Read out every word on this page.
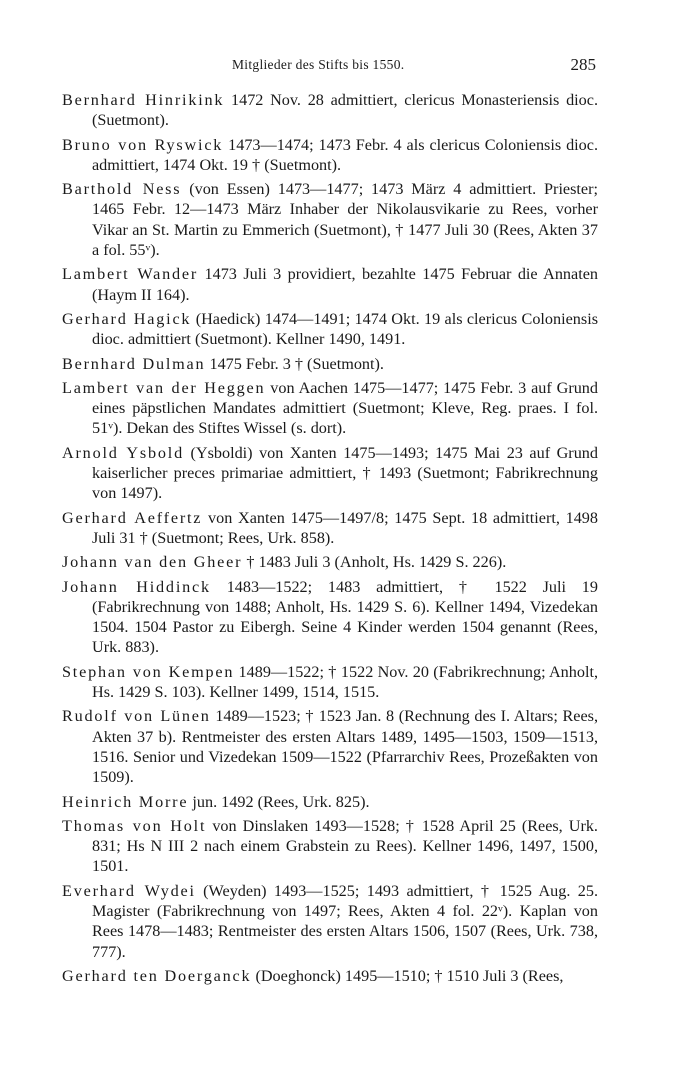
Mitglieder des Stifts bis 1550.	285

Bernhard Hinrikink 1472 Nov. 28 admittiert, clericus Monasteriensis dioc. (Suetmont).

Bruno von Ryswick 1473—1474; 1473 Febr. 4 als clericus Coloniensis dioc. admittiert, 1474 Okt. 19 † (Suetmont).

Barthold Ness (von Essen) 1473—1477; 1473 März 4 admittiert. Priester; 1465 Febr. 12—1473 März Inhaber der Nikolausvikarie zu Rees, vorher Vikar an St. Martin zu Emmerich (Suetmont), † 1477 Juli 30 (Rees, Akten 37 a fol. 55ᵛ).

Lambert Wander 1473 Juli 3 providiert, bezahlte 1475 Februar die Annaten (Haym II 164).

Gerhard Hagick (Haedick) 1474—1491; 1474 Okt. 19 als clericus Coloniensis dioc. admittiert (Suetmont). Kellner 1490, 1491.

Bernhard Dulman 1475 Febr. 3 † (Suetmont).

Lambert van der Heggen von Aachen 1475—1477; 1475 Febr. 3 auf Grund eines päpstlichen Mandates admittiert (Suetmont; Kleve, Reg. praes. I fol. 51ᵛ). Dekan des Stiftes Wissel (s. dort).

Arnold Ysbold (Ysboldi) von Xanten 1475—1493; 1475 Mai 23 auf Grund kaiserlicher preces primariae admittiert, † 1493 (Suetmont; Fabrikrechnung von 1497).

Gerhard Aeffertz von Xanten 1475—1497/8; 1475 Sept. 18 admittiert, 1498 Juli 31 † (Suetmont; Rees, Urk. 858).

Johann van den Gheer † 1483 Juli 3 (Anholt, Hs. 1429 S. 226).

Johann Hiddinck 1483—1522; 1483 admittiert, † 1522 Juli 19 (Fabrikrechnung von 1488; Anholt, Hs. 1429 S. 6). Kellner 1494, Vizedekan 1504. 1504 Pastor zu Eibergh. Seine 4 Kinder werden 1504 genannt (Rees, Urk. 883).

Stephan von Kempen 1489—1522; † 1522 Nov. 20 (Fabrikrechnung; Anholt, Hs. 1429 S. 103). Kellner 1499, 1514, 1515.

Rudolf von Lünen 1489—1523; † 1523 Jan. 8 (Rechnung des I. Altars; Rees, Akten 37 b). Rentmeister des ersten Altars 1489, 1495—1503, 1509—1513, 1516. Senior und Vizedekan 1509—1522 (Pfarrarchiv Rees, Prozeßakten von 1509).

Heinrich Morre jun. 1492 (Rees, Urk. 825).

Thomas von Holt von Dinslaken 1493—1528; † 1528 April 25 (Rees, Urk. 831; Hs N III 2 nach einem Grabstein zu Rees). Kellner 1496, 1497, 1500, 1501.

Everhard Wydei (Weyden) 1493—1525; 1493 admittiert, † 1525 Aug. 25. Magister (Fabrikrechnung von 1497; Rees, Akten 4 fol. 22ᵛ). Kaplan von Rees 1478—1483; Rentmeister des ersten Altars 1506, 1507 (Rees, Urk. 738, 777).

Gerhard ten Doerganck (Doeghonck) 1495—1510; † 1510 Juli 3 (Rees,
